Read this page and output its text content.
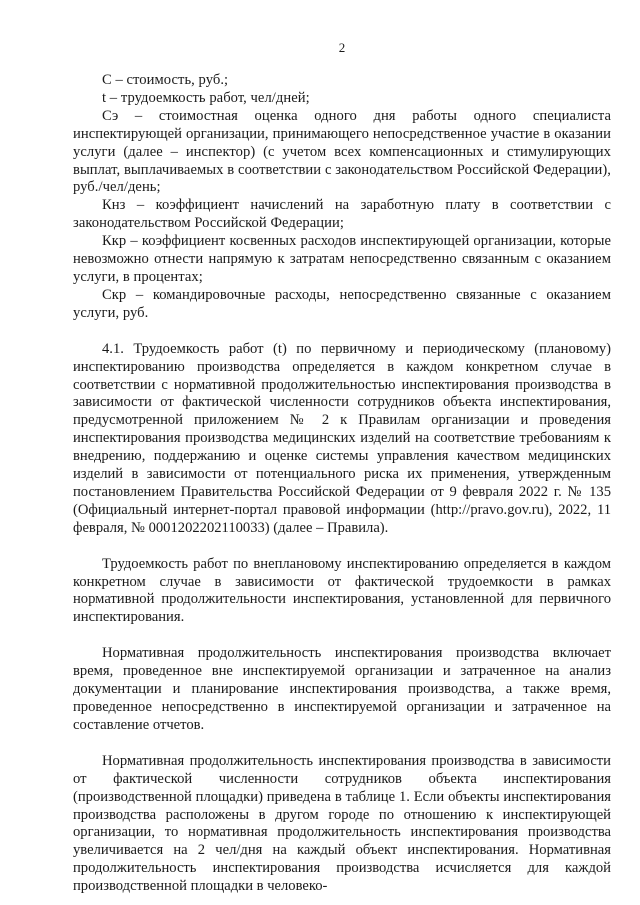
2

С – стоимость, руб.;

t – трудоемкость работ, чел/дней;

Сэ – стоимостная оценка одного дня работы одного специалиста инспектирующей организации, принимающего непосредственное участие в оказании услуги (далее – инспектор) (с учетом всех компенсационных и стимулирующих выплат, выплачиваемых в соответствии с законодательством Российской Федерации), руб./чел/день;

Кнз – коэффициент начислений на заработную плату в соответствии с законодательством Российской Федерации;

Ккр – коэффициент косвенных расходов инспектирующей организации, которые невозможно отнести напрямую к затратам непосредственно связанным с оказанием услуги, в процентах;

Скр – командировочные расходы, непосредственно связанные с оказанием услуги, руб.

4.1. Трудоемкость работ (t) по первичному и периодическому (плановому) инспектированию производства определяется в каждом конкретном случае в соответствии с нормативной продолжительностью инспектирования производства в зависимости от фактической численности сотрудников объекта инспектирования, предусмотренной приложением № 2 к Правилам организации и проведения инспектирования производства медицинских изделий на соответствие требованиям к внедрению, поддержанию и оценке системы управления качеством медицинских изделий в зависимости от потенциального риска их применения, утвержденным постановлением Правительства Российской Федерации от 9 февраля 2022 г. № 135 (Официальный интернет-портал правовой информации (http://pravo.gov.ru), 2022, 11 февраля, № 0001202202110033) (далее – Правила).

Трудоемкость работ по внеплановому инспектированию определяется в каждом конкретном случае в зависимости от фактической трудоемкости в рамках нормативной продолжительности инспектирования, установленной для первичного инспектирования.

Нормативная продолжительность инспектирования производства включает время, проведенное вне инспектируемой организации и затраченное на анализ документации и планирование инспектирования производства, а также время, проведенное непосредственно в инспектируемой организации и затраченное на составление отчетов.

Нормативная продолжительность инспектирования производства в зависимости от фактической численности сотрудников объекта инспектирования (производственной площадки) приведена в таблице 1. Если объекты инспектирования производства расположены в другом городе по отношению к инспектирующей организации, то нормативная продолжительность инспектирования производства увеличивается на 2 чел/дня на каждый объект инспектирования. Нормативная продолжительность инспектирования производства исчисляется для каждой производственной площадки в человеко-
